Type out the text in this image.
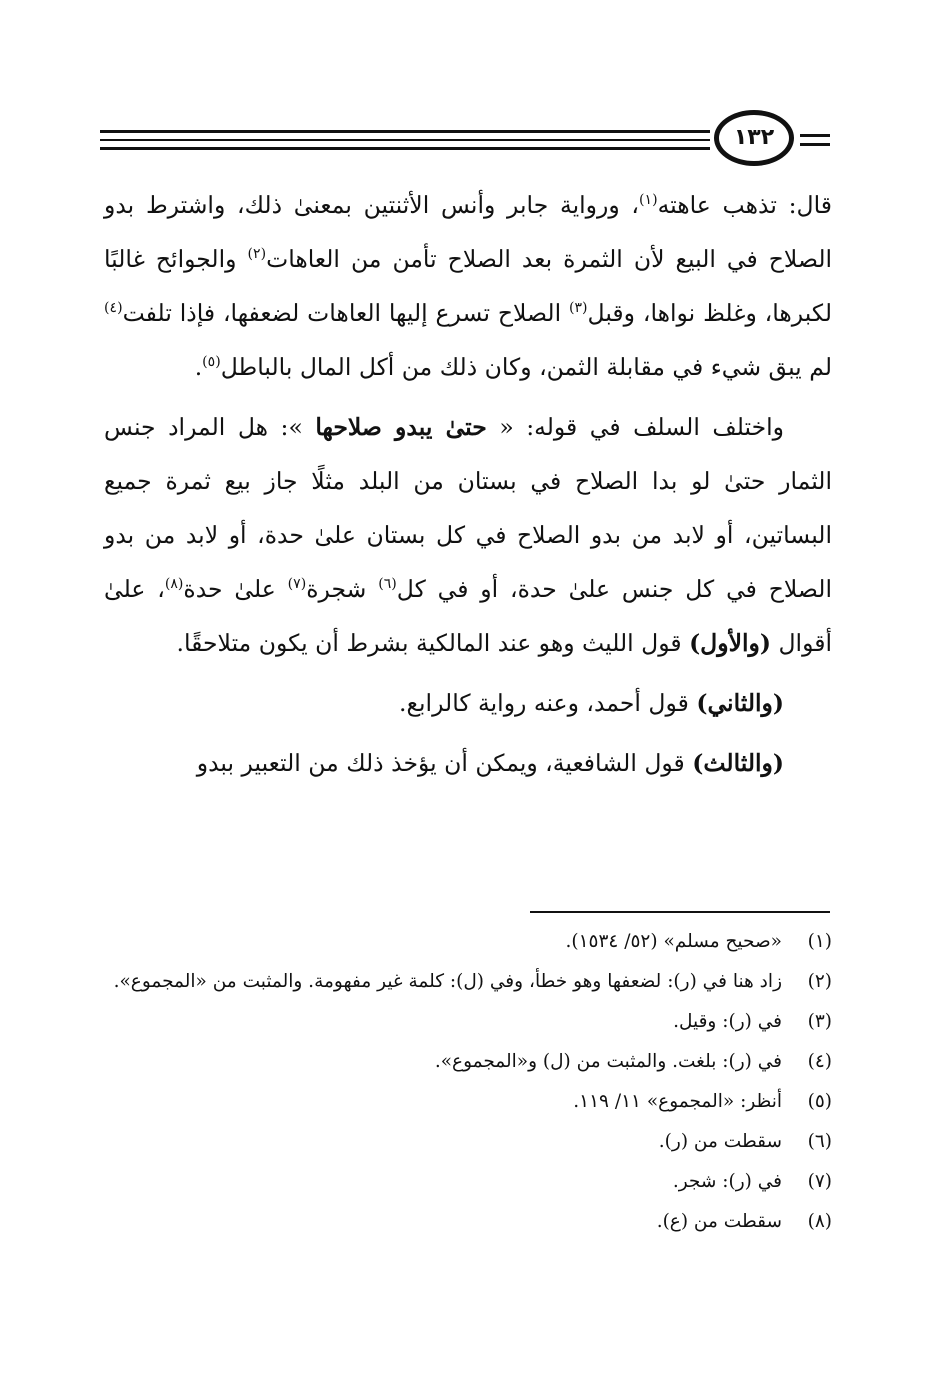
١٣٢

قال: تذهب عاهته$^{(١)}$، ورواية جابر وأنس الأثنتين بمعنىٰ ذلك، واشترط بدو الصلاح في البيع لأن الثمرة بعد الصلاح تأمن من العاهات$^{(٢)}$ والجوائح غالبًا لكبرها، وغلظ نواها، وقبل$^{(٣)}$ الصلاح تسرع إليها العاهات لضعفها، فإذا تلفت$^{(٤)}$ لم يبق شيء في مقابلة الثمن، وكان ذلك من أكل المال بالباطل$^{(٥)}$.

واختلف السلف في قوله: « حتىٰ يبدو صلاحها »: هل المراد جنس الثمار حتىٰ لو بدا الصلاح في بستان من البلد مثلًا جاز بيع ثمرة جميع البساتين، أو لابد من بدو الصلاح في كل بستان علىٰ حدة، أو لابد من بدو الصلاح في كل جنس علىٰ حدة، أو في كل$^{(٦)}$ شجرة$^{(٧)}$ علىٰ حدة$^{(٨)}$، علىٰ أقوال (والأول) قول الليث وهو عند المالكية بشرط أن يكون متلاحقًا.

(والثاني) قول أحمد، وعنه رواية كالرابع.

(والثالث) قول الشافعية، ويمكن أن يؤخذ ذلك من التعبير ببدو

(١)
«صحيح مسلم» (٥٢/ ١٥٣٤).
(٢)
زاد هنا في (ر): لضعفها وهو خطأ، وفي (ل): كلمة غير مفهومة. والمثبت من «المجموع».
(٣)
في (ر): وقيل.
(٤)
في (ر): بلغت. والمثبت من (ل) و«المجموع».
(٥)
أنظر: «المجموع» ١١/ ١١٩.
(٦)
سقطت من (ر).
(٧)
في (ر): شجر.
(٨)
سقطت من (ع).
